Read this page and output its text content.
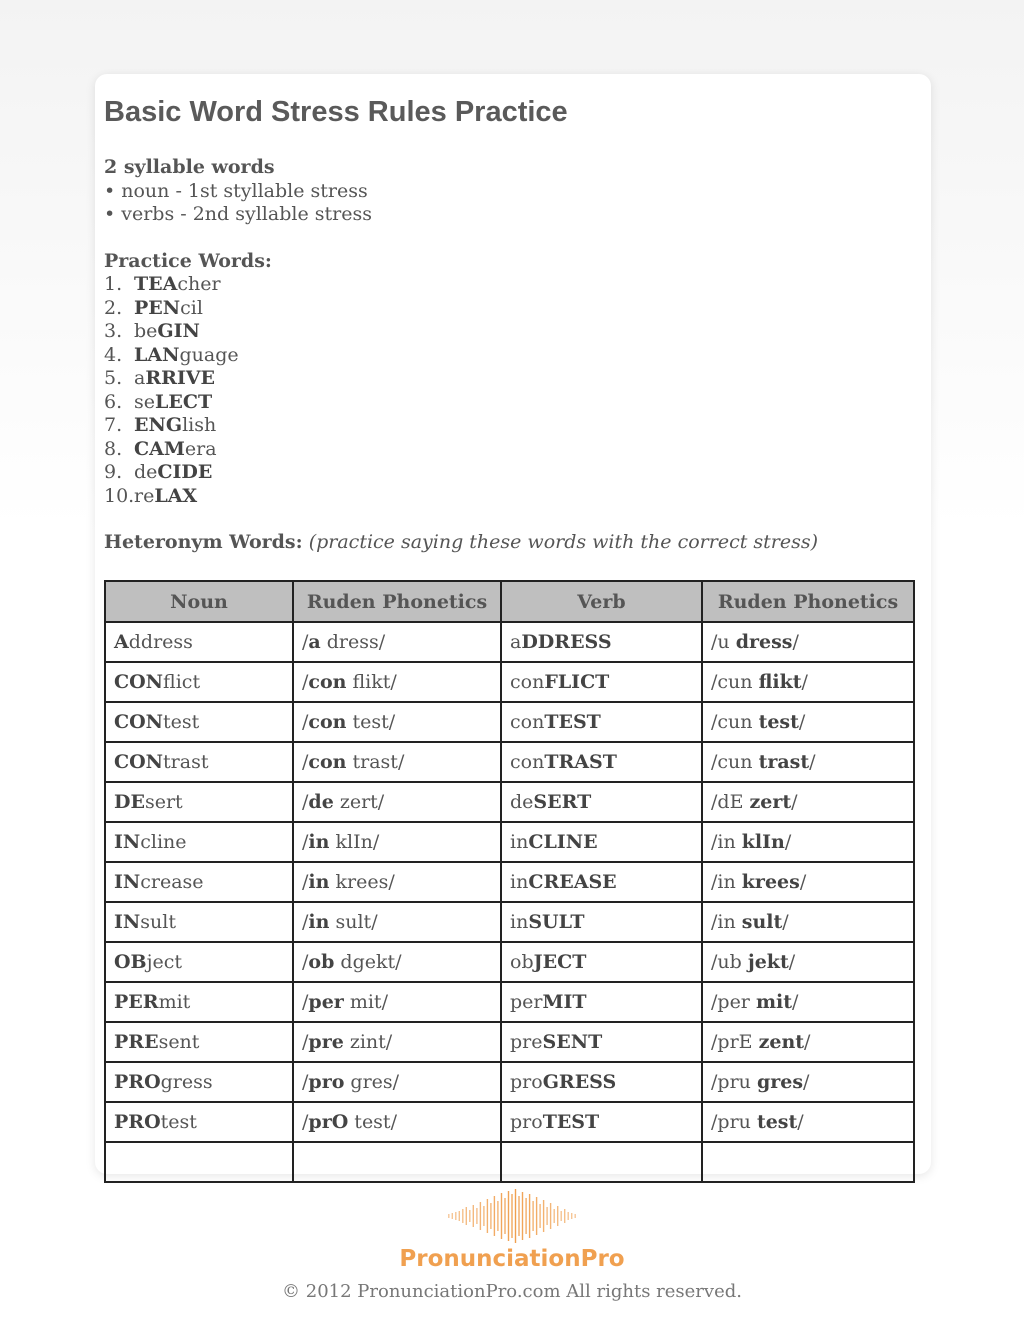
Basic Word Stress Rules Practice
2 syllable words
• noun - 1st styllable stress
• verbs - 2nd syllable stress
Practice Words:
1. TEAcher
2. PENcil
3. beGIN
4. LANguage
5. aRRIVE
6. seLECT
7. ENGlish
8. CAMera
9. deCIDE
10. reLAX
Heteronym Words: (practice saying these words with the correct stress)
Noun	Ruden Phonetics	Verb	Ruden Phonetics
Address	/a dress/	aDDRESS	/u dress/
CONflict	/con flikt/	conFLICT	/cun flikt/
CONtest	/con test/	conTEST	/cun test/
CONtrast	/con trast/	conTRAST	/cun trast/
DEsert	/de zert/	deSERT	/dE zert/
INcline	/in klIn/	inCLINE	/in klIn/
INcrease	/in krees/	inCREASE	/in krees/
INsult	/in sult/	inSULT	/in sult/
OBject	/ob dgekt/	obJECT	/ub jekt/
PERmit	/per mit/	perMIT	/per mit/
PREsent	/pre zint/	preSENT	/prE zent/
PROgress	/pro gres/	proGRESS	/pru gres/
PROtest	/prO test/	proTEST	/pru test/

PronunciationPro
© 2012 PronunciationPro.com All rights reserved.
